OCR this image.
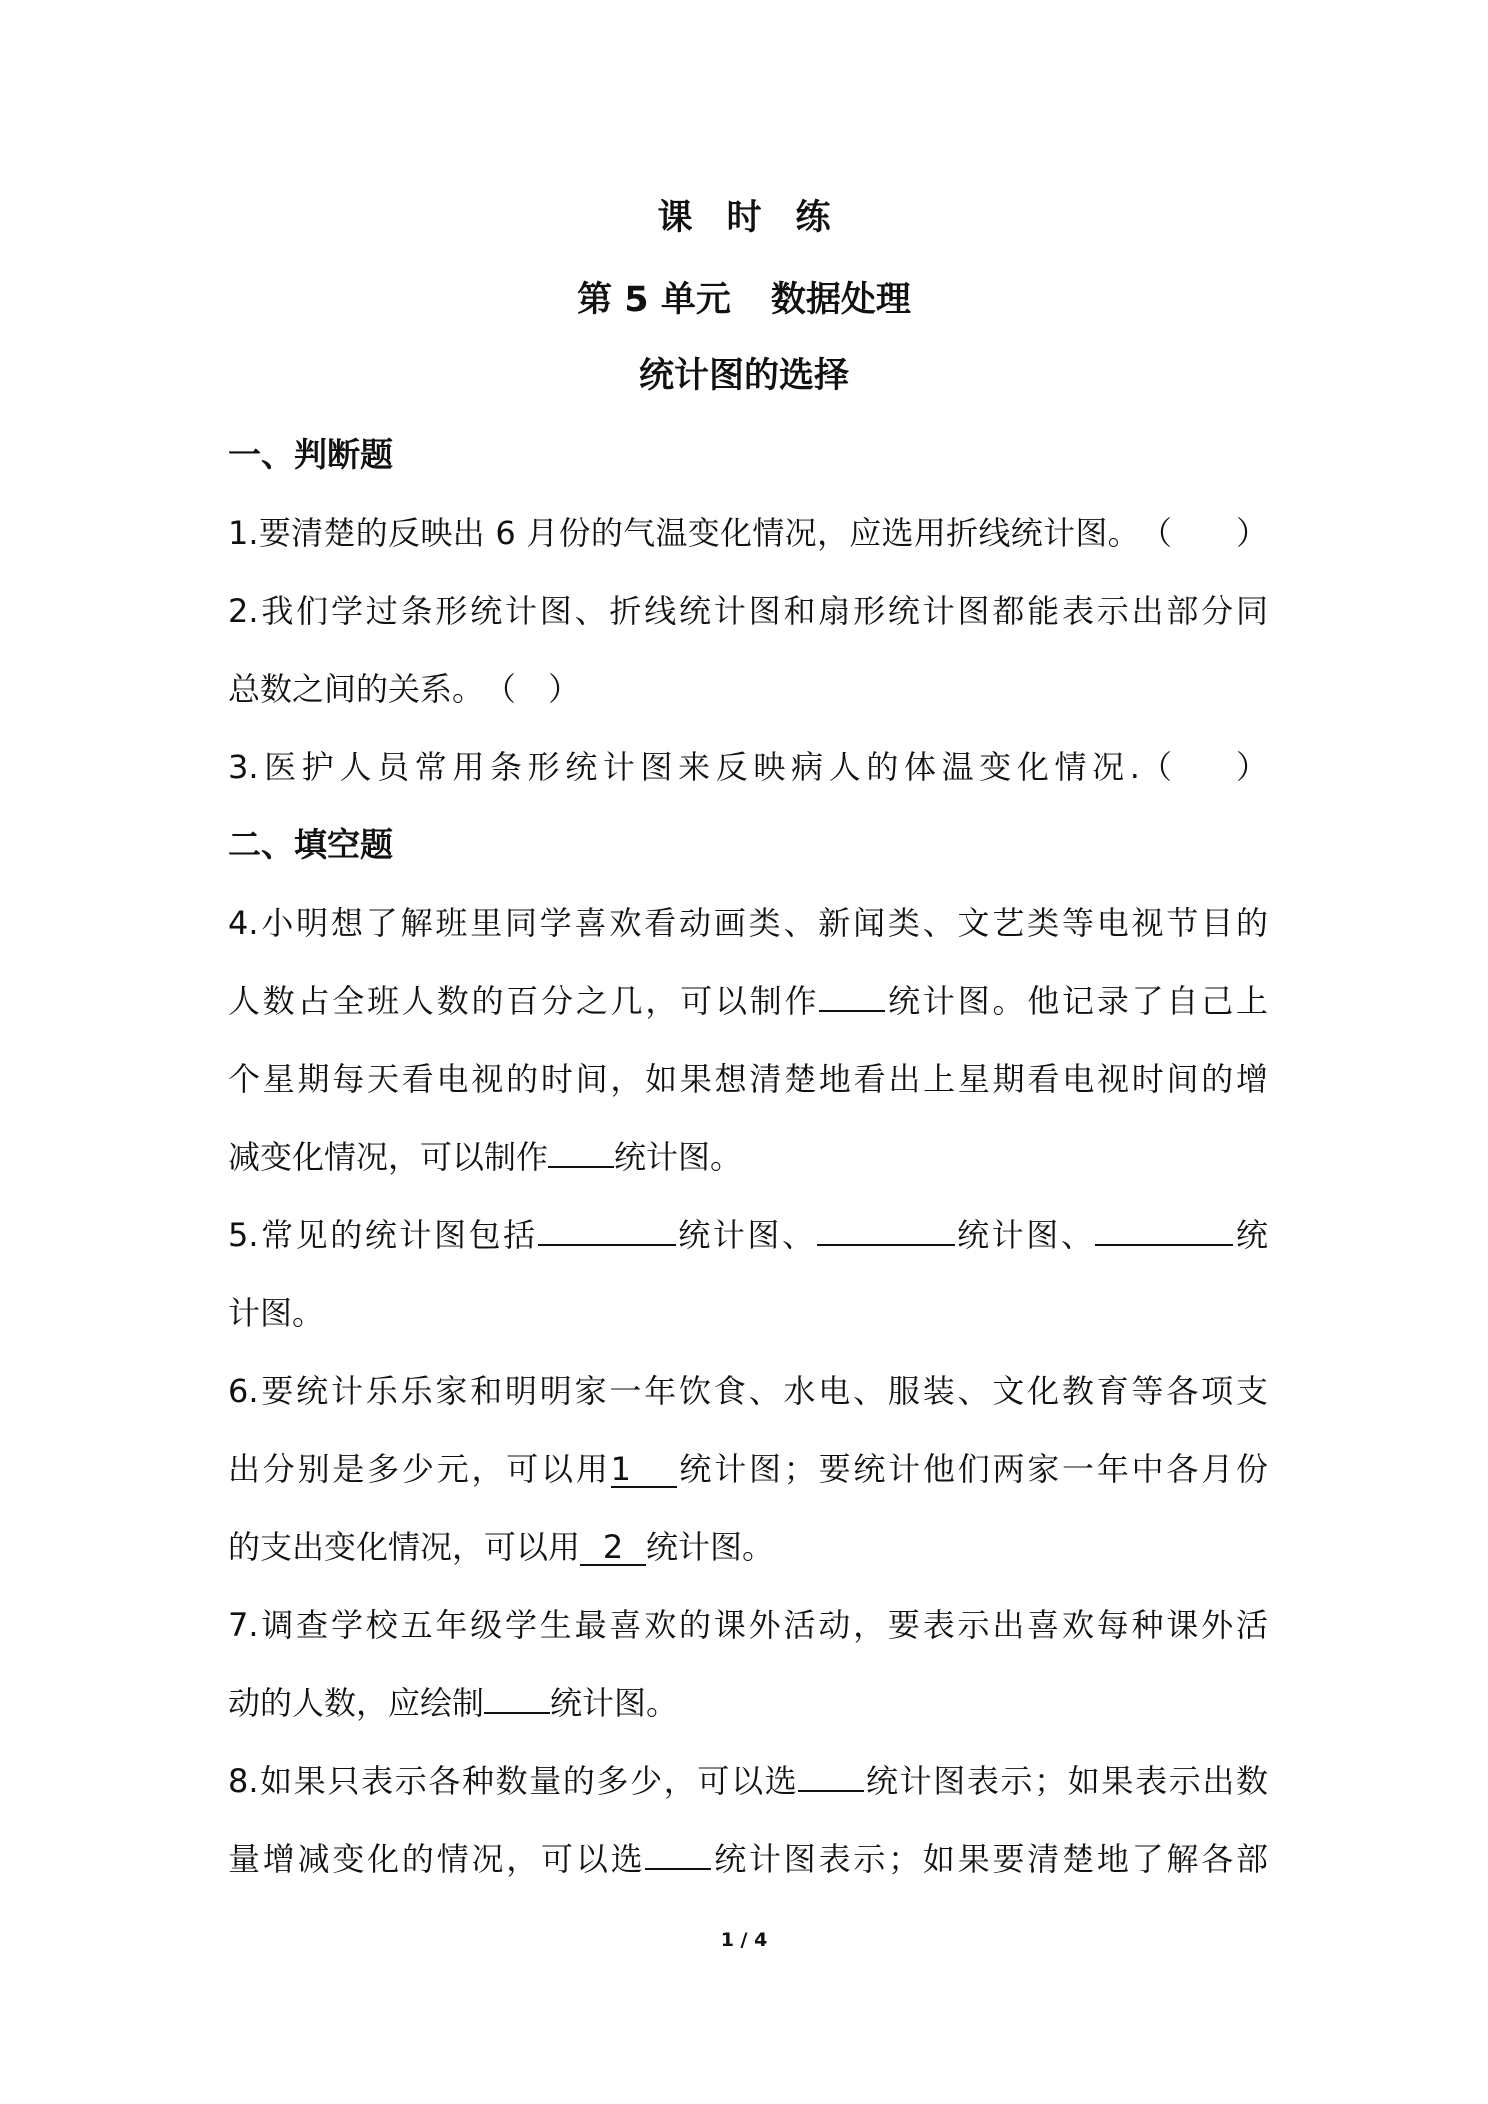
课 时 练
第 5 单元 数据处理
统计图的选择
一、判断题
1.要清楚的反映出 6 月份的气温变化情况，应选用折线统计图。（　　）
2.我们学过条形统计图、折线统计图和扇形统计图都能表示出部分同
总数之间的关系。（　）
3.医护人员常用条形统计图来反映病人的体温变化情况.（　　）
二、填空题
4.小明想了解班里同学喜欢看动画类、新闻类、文艺类等电视节目的
人数占全班人数的百分之几，可以制作 统计图。他记录了自己上
个星期每天看电视的时间，如果想清楚地看出上星期看电视时间的增
减变化情况，可以制作 统计图。
5.常见的统计图包括	统计图、	统计图、	统
计图。
6.要统计乐乐家和明明家一年饮食、水电、服装、文化教育等各项支
出分别是多少元，可以用1 统计图；要统计他们两家一年中各月份
的支出变化情况，可以用 2 统计图。
7.调查学校五年级学生最喜欢的课外活动，要表示出喜欢每种课外活
动的人数，应绘制 统计图。
8.如果只表示各种数量的多少，可以选 统计图表示；如果表示出数
量增减变化的情况，可以选 统计图表示；如果要清楚地了解各部
1 / 4
